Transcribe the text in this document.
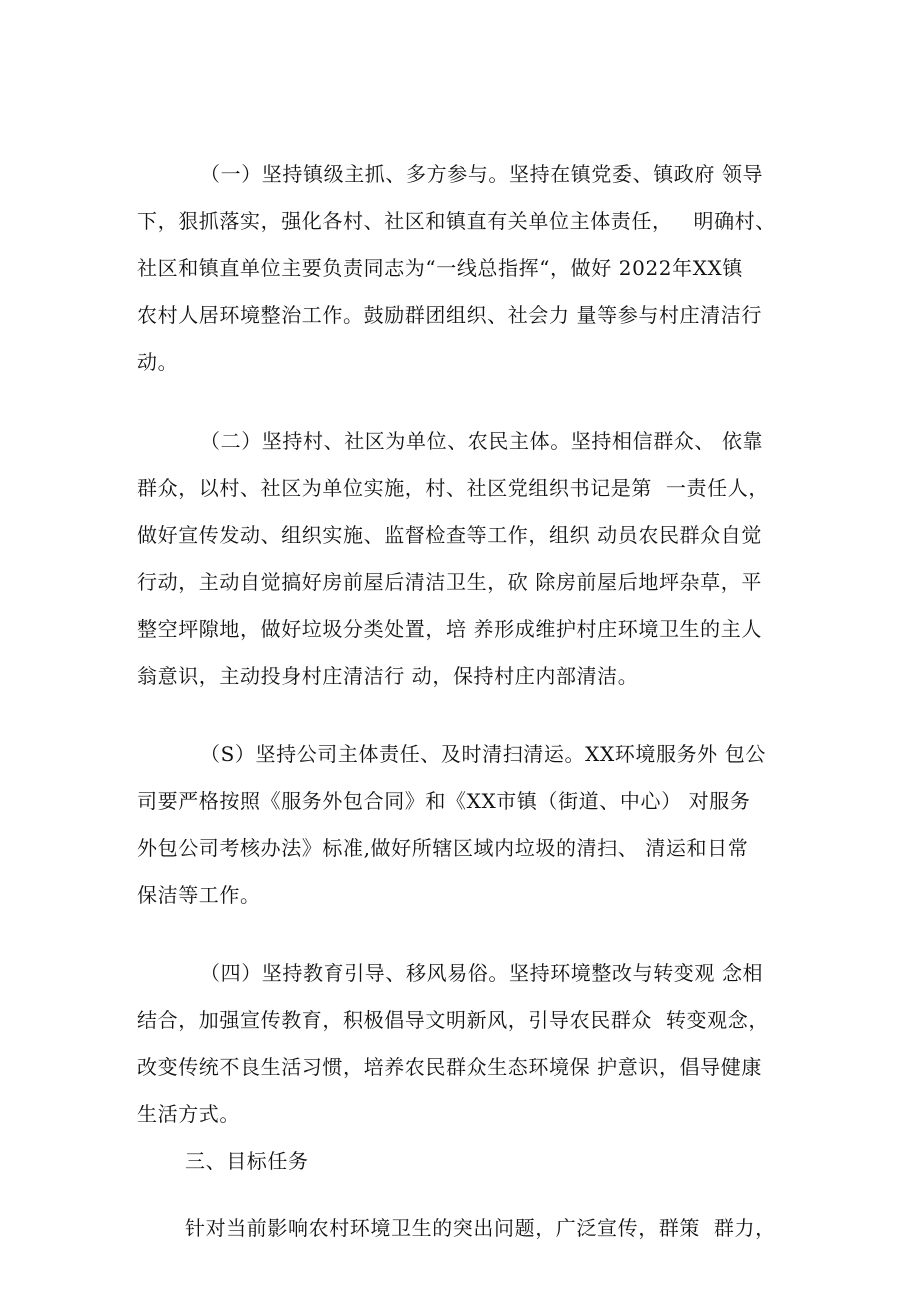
（一）坚持镇级主抓、多方参与。坚持在镇党委、镇政府 领导
下，狠抓落实，强化各村、社区和镇直有关单位主体责任，   明确村、
社区和镇直单位主要负责同志为“一线总指挥“，做好 2022年XX镇
农村人居环境整治工作。鼓励群团组织、社会力 量等参与村庄清洁行
动。
（二）坚持村、社区为单位、农民主体。坚持相信群众、 依靠
群众，以村、社区为单位实施，村、社区党组织书记是第  一责任人，
做好宣传发动、组织实施、监督检查等工作，组织 动员农民群众自觉
行动，主动自觉搞好房前屋后清洁卫生，砍 除房前屋后地坪杂草，平
整空坪隙地，做好垃圾分类处置，培 养形成维护村庄环境卫生的主人
翁意识，主动投身村庄清洁行 动，保持村庄内部清洁。
（S）坚持公司主体责任、及时清扫清运。XX环境服务外 包公
司要严格按照《服务外包合同》和《XX市镇（街道、中心） 对服务
外包公司考核办法》标准,做好所辖区域内垃圾的清扫、 清运和日常
保洁等工作。
（四）坚持教育引导、移风易俗。坚持环境整改与转变观 念相
结合，加强宣传教育，积极倡导文明新风，引导农民群众  转变观念，
改变传统不良生活习惯，培养农民群众生态环境保 护意识，倡导健康
生活方式。
三、目标任务
针对当前影响农村环境卫生的突出问题，广泛宣传，群策  群力，
